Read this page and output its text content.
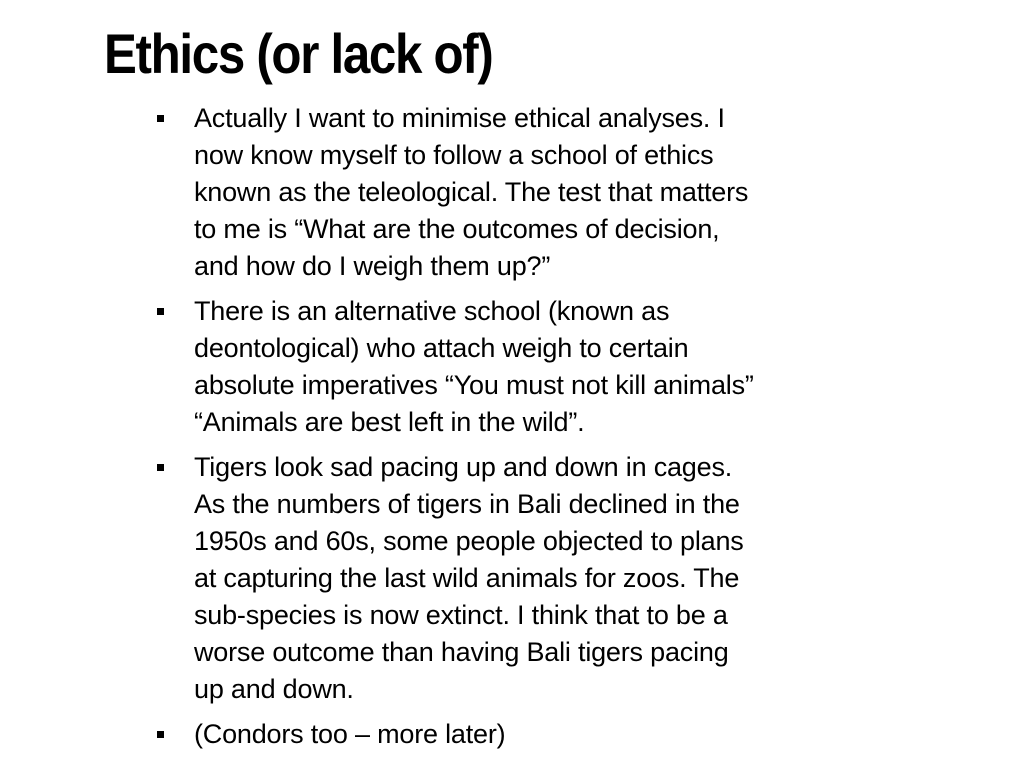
Ethics (or lack of)
Actually I want to minimise ethical analyses. I
now know myself to follow a school of ethics
known as the teleological. The test that matters
to me is “What are the outcomes of decision,
and how do I weigh them up?”
There is an alternative school (known as
deontological) who attach weigh to certain
absolute imperatives “You must not kill animals”
“Animals are best left in the wild”.
Tigers look sad pacing up and down in cages.
As the numbers of tigers in Bali declined in the
1950s and 60s, some people objected to plans
at capturing the last wild animals for zoos. The
sub-species is now extinct. I think that to be a
worse outcome than having Bali tigers pacing
up and down.
(Condors too – more later)
